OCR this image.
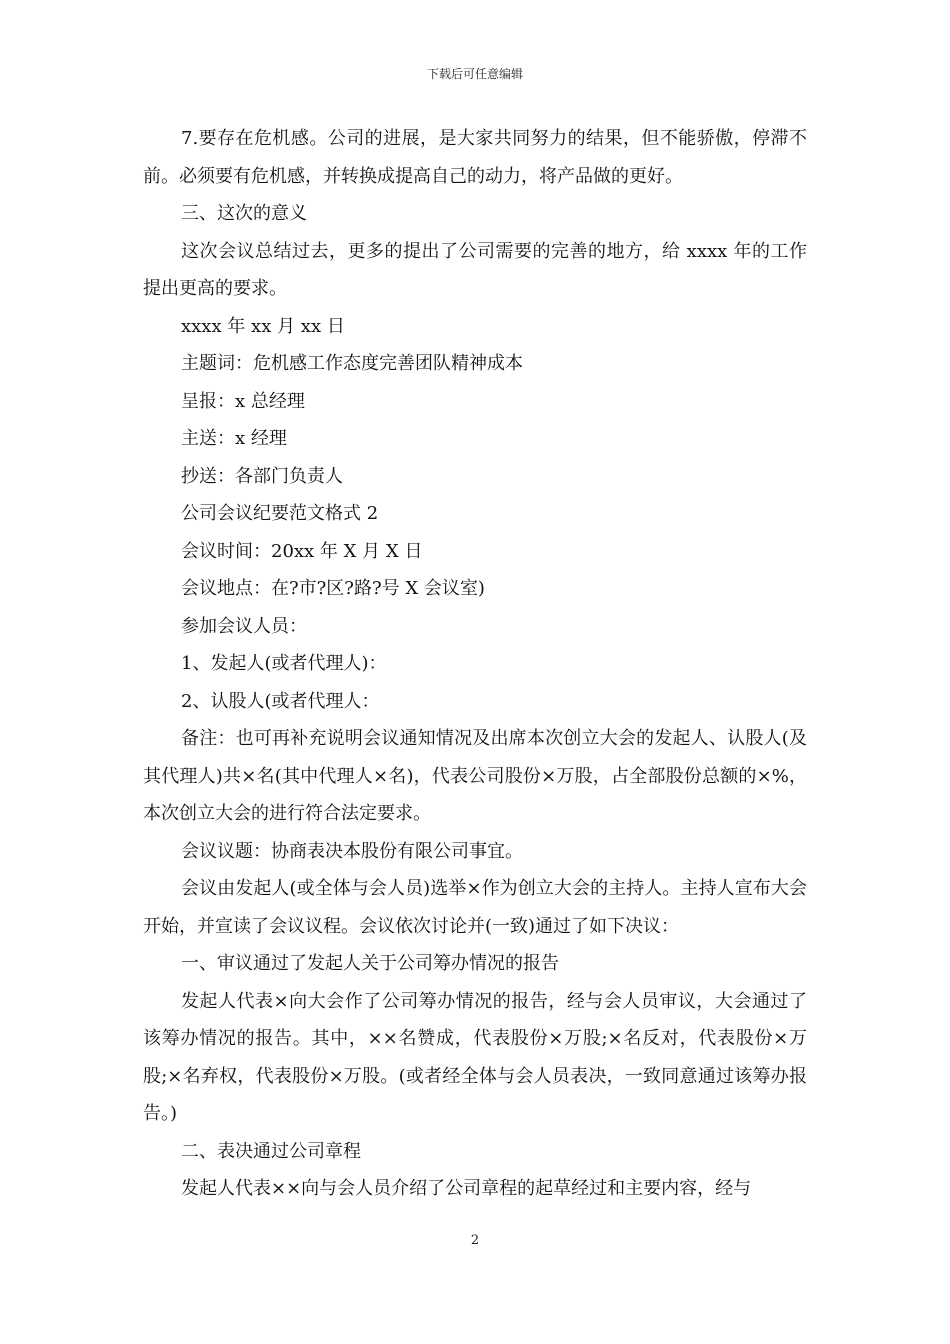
下载后可任意编辑

7.要存在危机感。公司的进展，是大家共同努力的结果，但不能骄傲，停滞不前。必须要有危机感，并转换成提高自己的动力，将产品做的更好。

三、这次的意义

这次会议总结过去，更多的提出了公司需要的完善的地方，给 xxxx 年的工作提出更高的要求。

xxxx 年 xx 月 xx 日

主题词：危机感工作态度完善团队精神成本

呈报：x 总经理

主送：x 经理

抄送：各部门负责人

公司会议纪要范文格式 2

会议时间：20xx 年 X 月 X 日

会议地点：在?市?区?路?号 X 会议室)

参加会议人员：

1、发起人(或者代理人)：

2、认股人(或者代理人：

备注：也可再补充说明会议通知情况及出席本次创立大会的发起人、认股人(及其代理人)共×名(其中代理人×名)，代表公司股份×万股，占全部股份总额的×%，本次创立大会的进行符合法定要求。

会议议题：协商表决本股份有限公司事宜。

会议由发起人(或全体与会人员)选举×作为创立大会的主持人。主持人宣布大会开始，并宣读了会议议程。会议依次讨论并(一致)通过了如下决议：

一、审议通过了发起人关于公司筹办情况的报告

发起人代表×向大会作了公司筹办情况的报告，经与会人员审议，大会通过了该筹办情况的报告。其中，××名赞成，代表股份×万股;×名反对，代表股份×万股;×名弃权，代表股份×万股。(或者经全体与会人员表决，一致同意通过该筹办报告。)

二、表决通过公司章程

发起人代表××向与会人员介绍了公司章程的起草经过和主要内容，经与

2
